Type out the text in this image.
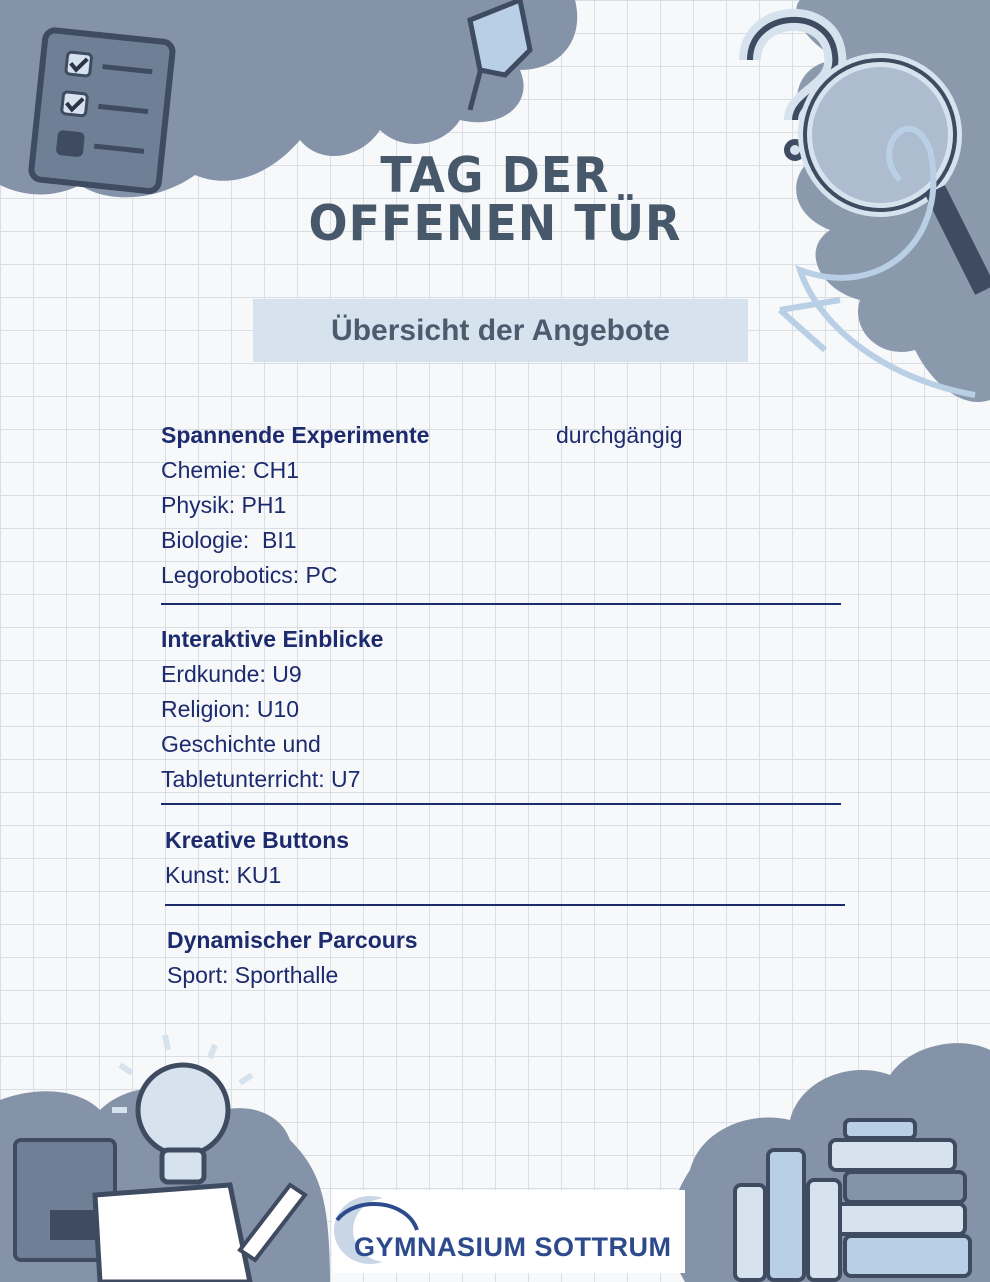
TAG DER
OFFENEN TÜR
Übersicht der Angebote
Spannende Experimente
Chemie: CH1
Physik: PH1
Biologie:  BI1
Legorobotics: PC
durchgängig
Interaktive Einblicke
Erdkunde: U9
Religion: U10
Geschichte und
Tabletunterricht: U7
Kreative Buttons
Kunst: KU1
Dynamischer Parcours
Sport: Sporthalle
GYMNASIUM SOTTRUM
